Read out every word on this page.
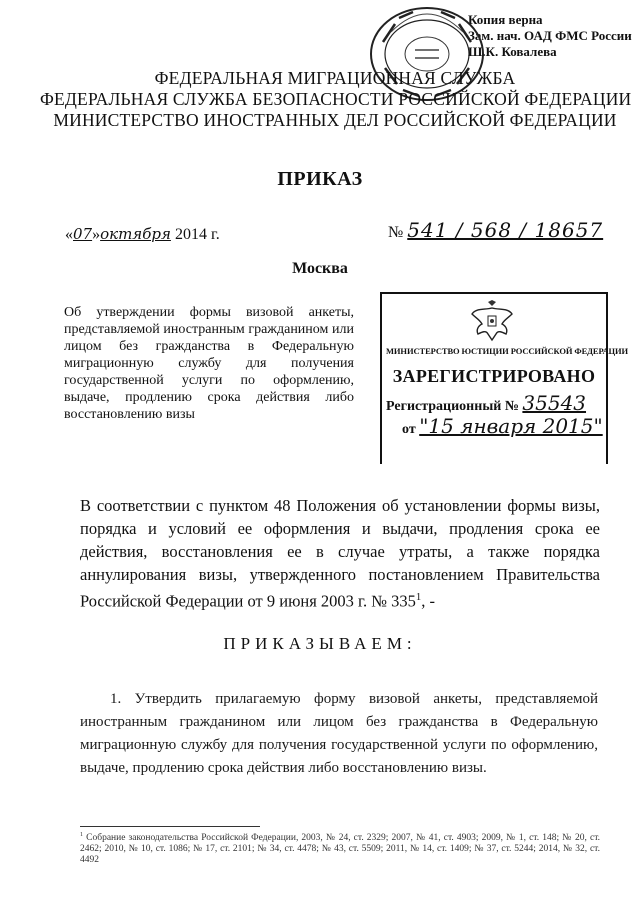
Копия верна
Зам. нач. ОАД ФМС России
Ш.К. Ковалева
ФЕДЕРАЛЬНАЯ МИГРАЦИОННАЯ СЛУЖБА
ФЕДЕРАЛЬНАЯ СЛУЖБА БЕЗОПАСНОСТИ РОССИЙСКОЙ ФЕДЕРАЦИИ
МИНИСТЕРСТВО ИНОСТРАННЫХ ДЕЛ РОССИЙСКОЙ ФЕДЕРАЦИИ
ПРИКАЗ
«07»октября 2014 г.	№ 541 / 568 / 18657
Москва
Об утверждении формы визовой анкеты, представляемой иностранным гражданином или лицом без гражданства в Федеральную миграционную службу для получения государственной услуги по оформлению, выдаче, продлению срока действия либо восстановлению визы
МИНИСТЕРСТВО ЮСТИЦИИ РОССИЙСКОЙ ФЕДЕРАЦИИ
ЗАРЕГИСТРИРОВАНО
Регистрационный № 35543
от "15 января 2015"
В соответствии с пунктом 48 Положения об установлении формы визы, порядка и условий ее оформления и выдачи, продления срока ее действия, восстановления ее в случае утраты, а также порядка аннулирования визы, утвержденного постановлением Правительства Российской Федерации от 9 июня 2003 г. № $335^1$, -
ПРИКАЗЫВАЕМ:
1. Утвердить прилагаемую форму визовой анкеты, представляемой иностранным гражданином или лицом без гражданства в Федеральную миграционную службу для получения государственной услуги по оформлению, выдаче, продлению срока действия либо восстановлению визы.
$^1$ Собрание законодательства Российской Федерации, 2003, № 24, ст. 2329; 2007, № 41, ст. 4903; 2009, № 1, ст. 148; № 20, ст. 2462; 2010, № 10, ст. 1086; № 17, ст. 2101; № 34, ст. 4478; № 43, ст. 5509; 2011, № 14, ст. 1409; № 37, ст. 5244; 2014, № 32, ст. 4492
